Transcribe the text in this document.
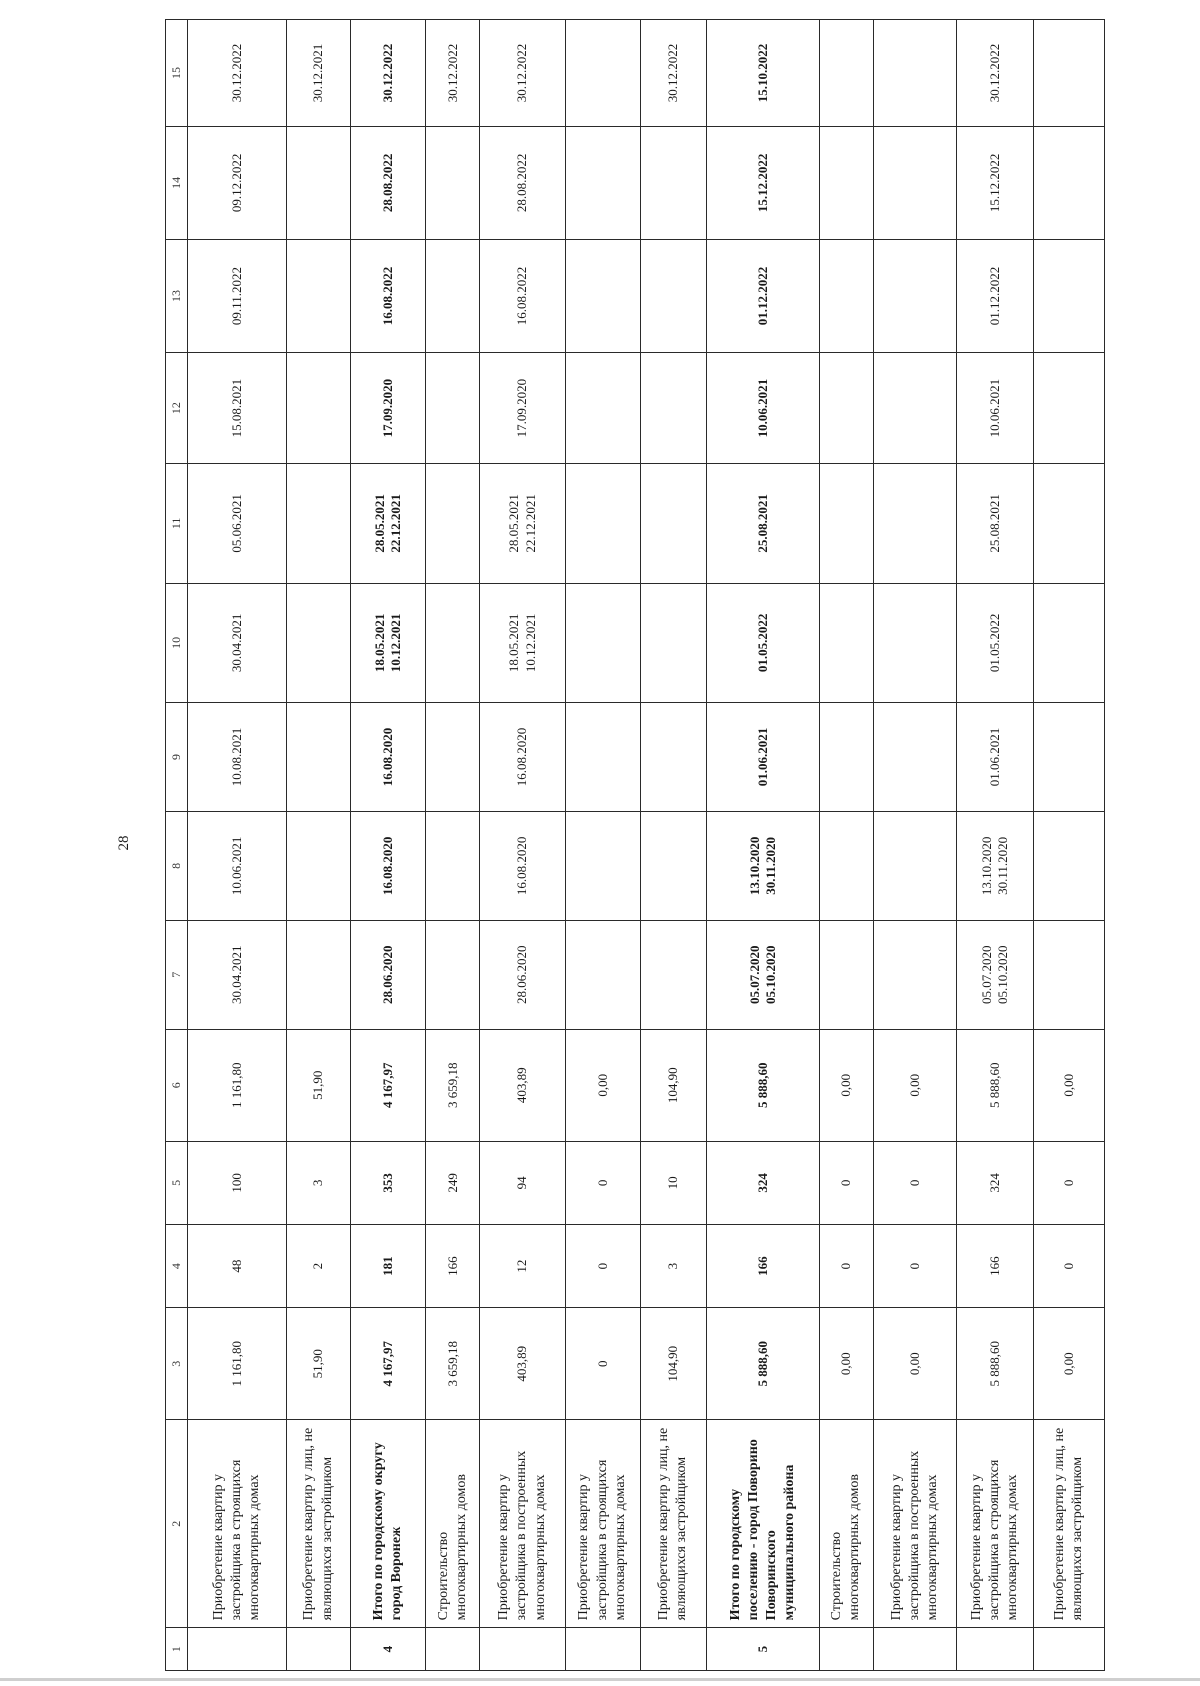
28
1	2	3	4	5	6	7	8	9	10	11	12	13	14	15
	Приобретение квартир у застройщика в строящихся многоквартирных домах	1 161,80	48	100	1 161,80	30.04.2021	10.06.2021	10.08.2021	30.04.2021	05.06.2021	15.08.2021	09.11.2022	09.12.2022	30.12.2022
	Приобретение квартир у лиц, не являющихся застройщиком	51,90	2	3	51,90									30.12.2021
4	Итого по городскому округу город Воронеж	4 167,97	181	353	4 167,97	28.06.2020	16.08.2020	16.08.2020	18.05.2021 10.12.2021	28.05.2021 22.12.2021	17.09.2020	16.08.2022	28.08.2022	30.12.2022
	Строительство многоквартирных домов	3 659,18	166	249	3 659,18									30.12.2022
	Приобретение квартир у застройщика в построенных многоквартирных домах	403,89	12	94	403,89	28.06.2020	16.08.2020	16.08.2020	18.05.2021 10.12.2021	28.05.2021 22.12.2021	17.09.2020	16.08.2022	28.08.2022	30.12.2022
	Приобретение квартир у застройщика в строящихся многоквартирных домах	0	0	0	0,00									
	Приобретение квартир у лиц, не являющихся застройщиком	104,90	3	10	104,90									30.12.2022
5	Итого по городскому поселению - город Поворино Поворинского муниципального района	5 888,60	166	324	5 888,60	05.07.2020 05.10.2020	13.10.2020 30.11.2020	01.06.2021	01.05.2022	25.08.2021	10.06.2021	01.12.2022	15.12.2022	15.10.2022
	Строительство многоквартирных домов	0,00	0	0	0,00									
	Приобретение квартир у застройщика в построенных многоквартирных домах	0,00	0	0	0,00									
	Приобретение квартир у застройщика в строящихся многоквартирных домах	5 888,60	166	324	5 888,60	05.07.2020 05.10.2020	13.10.2020 30.11.2020	01.06.2021	01.05.2022	25.08.2021	10.06.2021	01.12.2022	15.12.2022	30.12.2022
	Приобретение квартир у лиц, не являющихся застройщиком	0,00	0	0	0,00									
